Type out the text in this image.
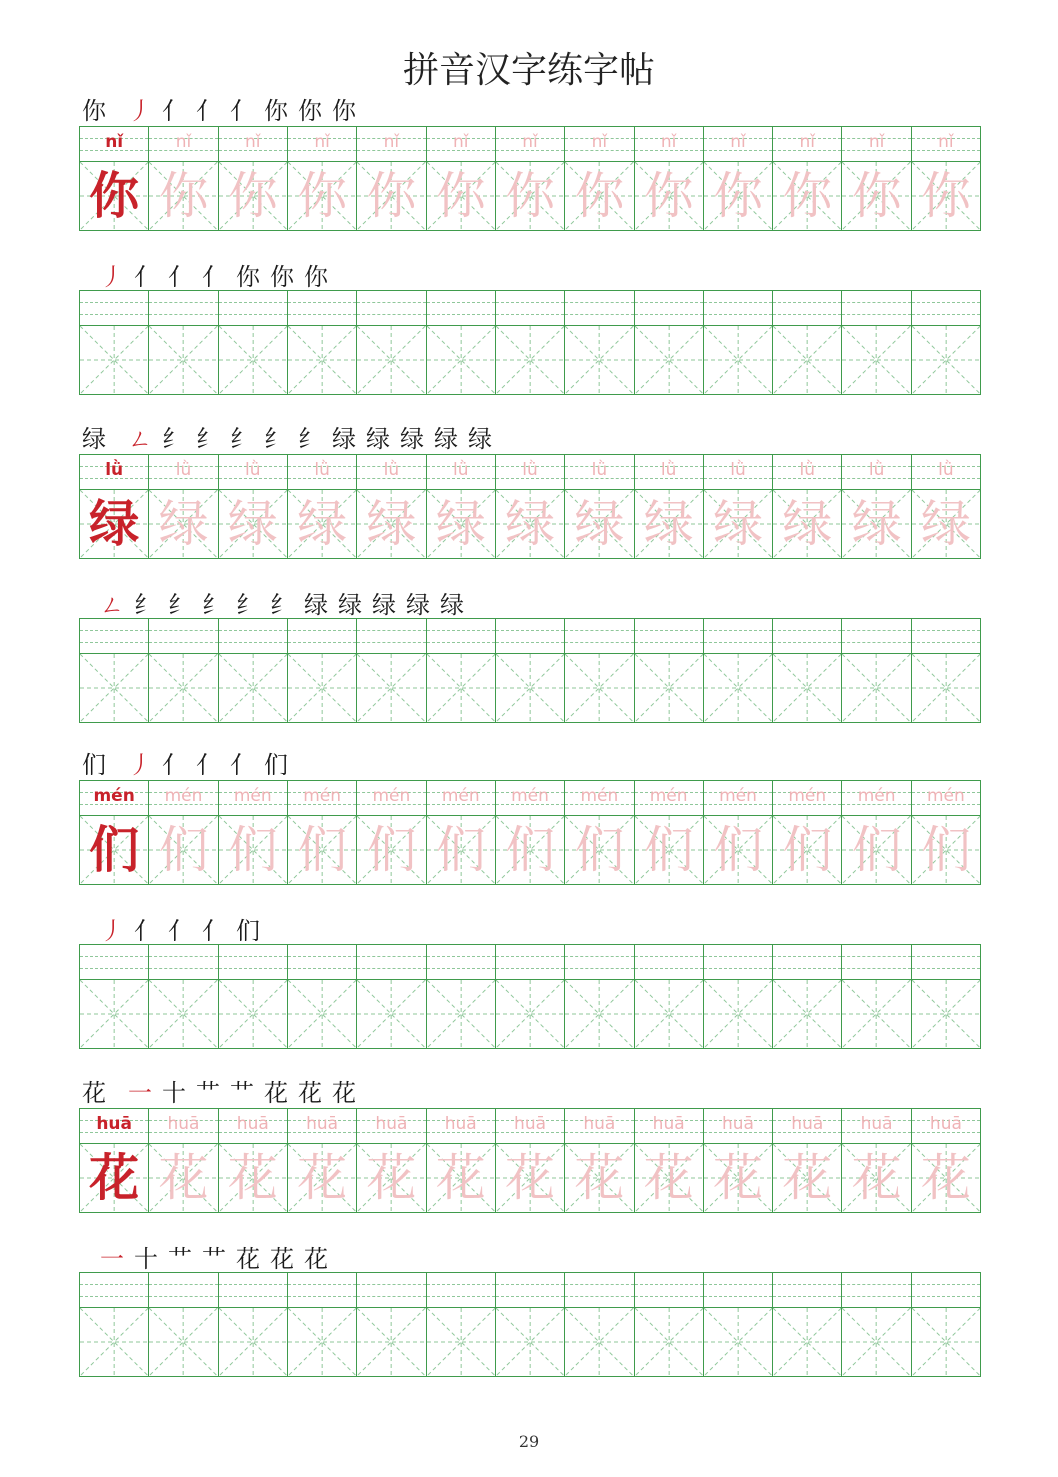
拼音汉字练字帖
你 丿 亻 亻 亻 你 你 你
nǐ
你
nǐ
你
nǐ
你
nǐ
你
nǐ
你
nǐ
你
nǐ
你
nǐ
你
nǐ
你
nǐ
你
nǐ
你
nǐ
你
nǐ
你
丿 亻 亻 亻 你 你 你
绿 ㄥ 纟 纟 纟 纟 纟 绿 绿 绿 绿 绿
lǜ
绿
lǜ
绿
lǜ
绿
lǜ
绿
lǜ
绿
lǜ
绿
lǜ
绿
lǜ
绿
lǜ
绿
lǜ
绿
lǜ
绿
lǜ
绿
lǜ
绿
ㄥ 纟 纟 纟 纟 纟 绿 绿 绿 绿 绿
们 丿 亻 亻 亻 们
mén
们
mén
们
mén
们
mén
们
mén
们
mén
们
mén
们
mén
们
mén
们
mén
们
mén
们
mén
们
mén
们
丿 亻 亻 亻 们
花 一 十 艹 艹 花 花 花
huā
花
huā
花
huā
花
huā
花
huā
花
huā
花
huā
花
huā
花
huā
花
huā
花
huā
花
huā
花
huā
花
一 十 艹 艹 花 花 花
29
